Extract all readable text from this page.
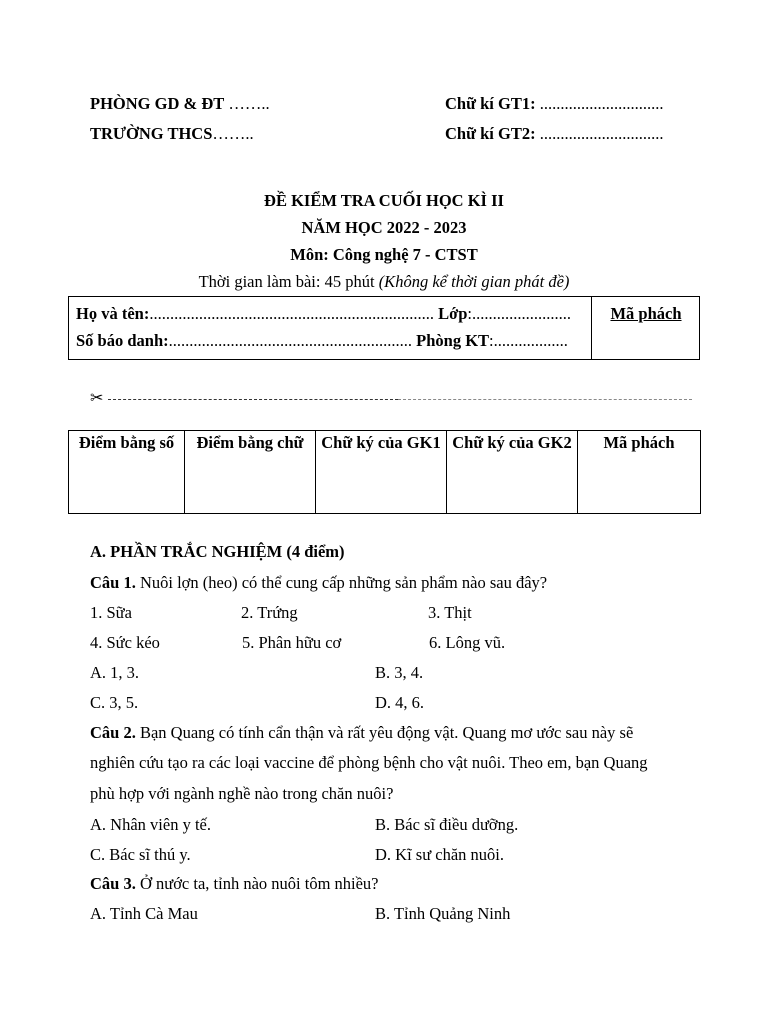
PHÒNG GD & ĐT ……..
TRƯỜNG THCS……..
Chữ kí GT1: ..............................
Chữ kí GT2: ..............................
ĐỀ KIỂM TRA CUỐI HỌC KÌ II
NĂM HỌC 2022 - 2023
Môn: Công nghệ 7 - CTST
Thời gian làm bài: 45 phút (Không kể thời gian phát đề)
Họ và tên:..................................................................... Lớp:........................
Số báo danh:........................................................... Phòng KT:..................
Mã phách
✂
Điểm bằng số	Điểm bằng chữ	Chữ ký của GK1	Chữ ký của GK2	Mã phách
A. PHẦN TRẮC NGHIỆM (4 điểm)
Câu 1. Nuôi lợn (heo) có thể cung cấp những sản phẩm nào sau đây?
1. Sữa	2. Trứng	3. Thịt
4. Sức kéo	5. Phân hữu cơ	6. Lông vũ.
A. 1, 3.	B. 3, 4.
C. 3, 5.	D. 4, 6.
Câu 2. Bạn Quang có tính cẩn thận và rất yêu động vật. Quang mơ ước sau này sẽ
nghiên cứu tạo ra các loại vaccine để phòng bệnh cho vật nuôi. Theo em, bạn Quang
phù hợp với ngành nghề nào trong chăn nuôi?
A. Nhân viên y tế.	B. Bác sĩ điều dưỡng.
C. Bác sĩ thú y.	D. Kĩ sư chăn nuôi.
Câu 3. Ở nước ta, tỉnh nào nuôi tôm nhiều?
A. Tỉnh Cà Mau	B. Tỉnh Quảng Ninh
